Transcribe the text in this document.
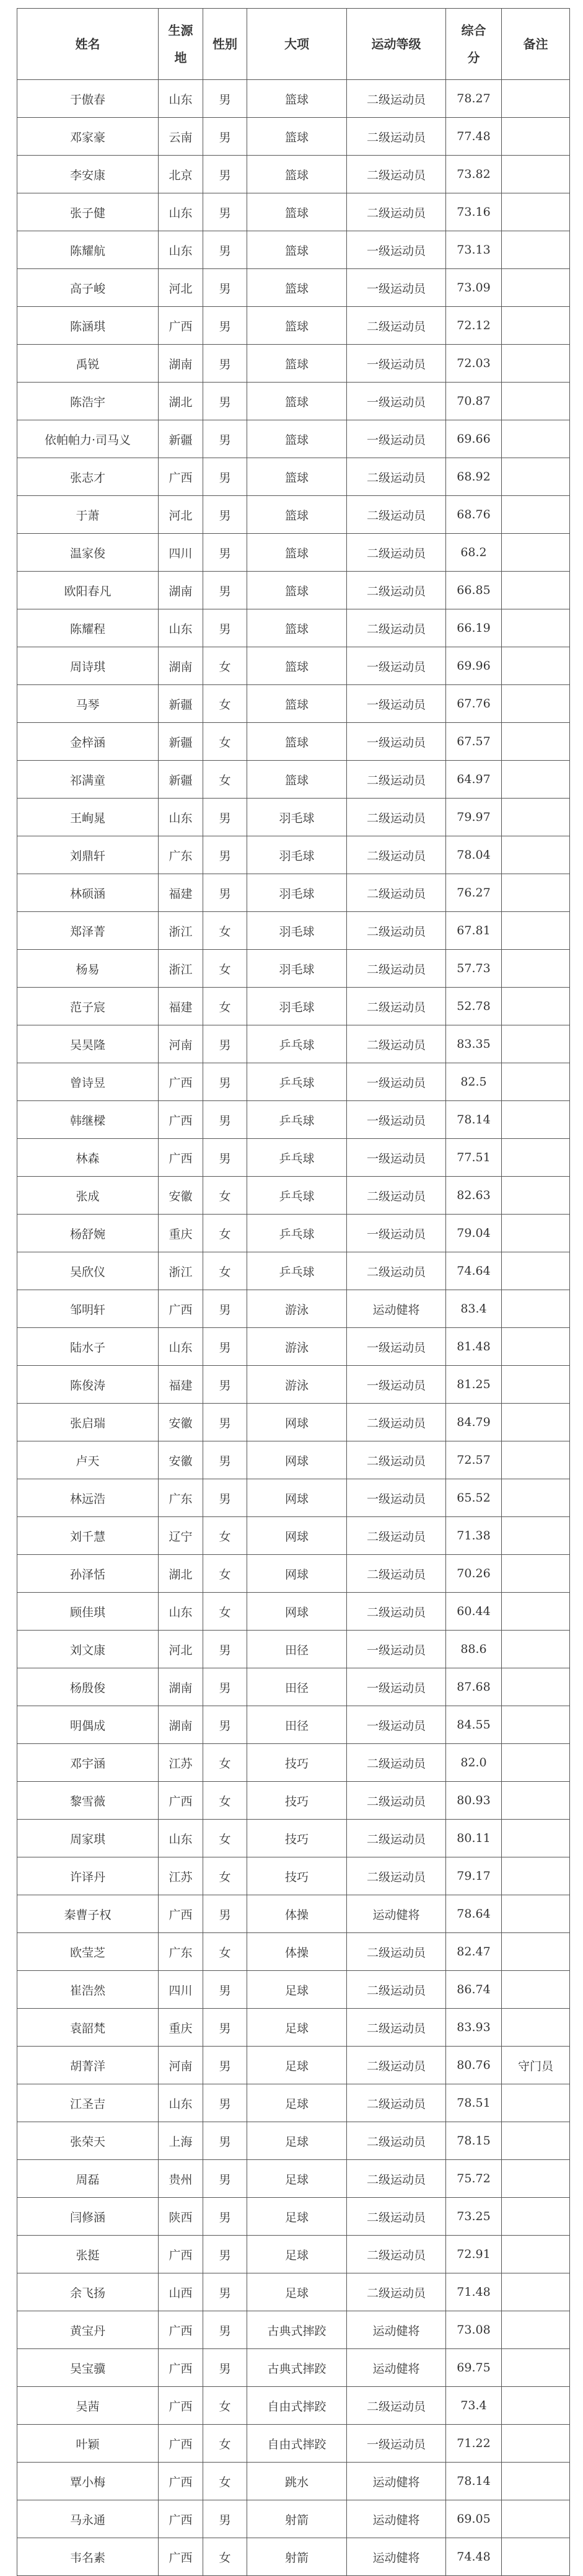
姓名	生源地	性别	大项	运动等级	综合分	备注
于傲春	山东	男	篮球	二级运动员	78.27	
邓家豪	云南	男	篮球	二级运动员	77.48	
李安康	北京	男	篮球	二级运动员	73.82	
张子健	山东	男	篮球	二级运动员	73.16	
陈耀航	山东	男	篮球	一级运动员	73.13	
高子峻	河北	男	篮球	一级运动员	73.09	
陈涵琪	广西	男	篮球	二级运动员	72.12	
禹锐	湖南	男	篮球	一级运动员	72.03	
陈浩宇	湖北	男	篮球	一级运动员	70.87	
依帕帕力·司马义	新疆	男	篮球	一级运动员	69.66	
张志才	广西	男	篮球	二级运动员	68.92	
于萧	河北	男	篮球	二级运动员	68.76	
温家俊	四川	男	篮球	二级运动员	68.2	
欧阳春凡	湖南	男	篮球	二级运动员	66.85	
陈耀程	山东	男	篮球	二级运动员	66.19	
周诗琪	湖南	女	篮球	一级运动员	69.96	
马琴	新疆	女	篮球	一级运动员	67.76	
金梓涵	新疆	女	篮球	一级运动员	67.57	
祁满童	新疆	女	篮球	二级运动员	64.97	
王峋晁	山东	男	羽毛球	二级运动员	79.97	
刘鼎轩	广东	男	羽毛球	二级运动员	78.04	
林硕涵	福建	男	羽毛球	二级运动员	76.27	
郑泽菁	浙江	女	羽毛球	二级运动员	67.81	
杨易	浙江	女	羽毛球	二级运动员	57.73	
范子宸	福建	女	羽毛球	二级运动员	52.78	
吴昊隆	河南	男	乒乓球	二级运动员	83.35	
曾诗昱	广西	男	乒乓球	一级运动员	82.5	
韩继樑	广西	男	乒乓球	一级运动员	78.14	
林森	广西	男	乒乓球	一级运动员	77.51	
张成	安徽	女	乒乓球	二级运动员	82.63	
杨舒婉	重庆	女	乒乓球	一级运动员	79.04	
吴欣仪	浙江	女	乒乓球	二级运动员	74.64	
邹明轩	广西	男	游泳	运动健将	83.4	
陆水子	山东	男	游泳	一级运动员	81.48	
陈俊涛	福建	男	游泳	一级运动员	81.25	
张启瑞	安徽	男	网球	二级运动员	84.79	
卢天	安徽	男	网球	二级运动员	72.57	
林远浩	广东	男	网球	一级运动员	65.52	
刘千慧	辽宁	女	网球	二级运动员	71.38	
孙泽恬	湖北	女	网球	二级运动员	70.26	
顾佳琪	山东	女	网球	二级运动员	60.44	
刘文康	河北	男	田径	一级运动员	88.6	
杨殷俊	湖南	男	田径	一级运动员	87.68	
明偶成	湖南	男	田径	一级运动员	84.55	
邓宇涵	江苏	女	技巧	二级运动员	82.0	
黎雪薇	广西	女	技巧	二级运动员	80.93	
周家琪	山东	女	技巧	二级运动员	80.11	
许译丹	江苏	女	技巧	二级运动员	79.17	
秦曹子权	广西	男	体操	运动健将	78.64	
欧莹芝	广东	女	体操	二级运动员	82.47	
崔浩然	四川	男	足球	二级运动员	86.74	
袁韶梵	重庆	男	足球	二级运动员	83.93	
胡菁洋	河南	男	足球	二级运动员	80.76	守门员
江圣吉	山东	男	足球	二级运动员	78.51	
张荣天	上海	男	足球	二级运动员	78.15	
周磊	贵州	男	足球	二级运动员	75.72	
闫修涵	陕西	男	足球	二级运动员	73.25	
张挺	广西	男	足球	二级运动员	72.91	
余飞扬	山西	男	足球	二级运动员	71.48	
黄宝丹	广西	男	古典式摔跤	运动健将	73.08	
吴宝骥	广西	男	古典式摔跤	运动健将	69.75	
吴茜	广西	女	自由式摔跤	二级运动员	73.4	
叶颖	广西	女	自由式摔跤	一级运动员	71.22	
覃小梅	广西	女	跳水	运动健将	78.14	
马永通	广西	男	射箭	运动健将	69.05	
韦名素	广西	女	射箭	运动健将	74.48	
